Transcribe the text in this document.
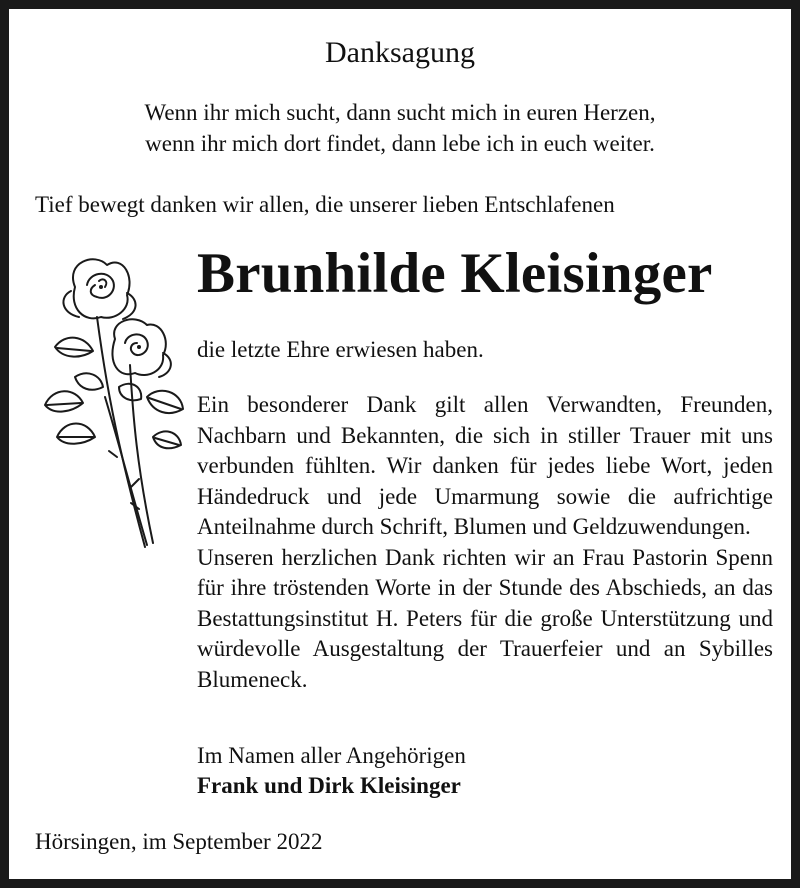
Danksagung
Wenn ihr mich sucht, dann sucht mich in euren Herzen,
wenn ihr mich dort findet, dann lebe ich in euch weiter.
Tief bewegt danken wir allen, die unserer lieben Entschlafenen
Brunhilde Kleisinger
die letzte Ehre erwiesen haben.

Ein besonderer Dank gilt allen Verwandten, Freunden, Nachbarn und Bekannten, die sich in stiller Trauer mit uns verbunden fühlten. Wir danken für jedes liebe Wort, jeden Händedruck und jede Umarmung sowie die aufrichtige Anteilnahme durch Schrift, Blumen und Geldzuwendungen.

Unseren herzlichen Dank richten wir an Frau Pastorin Spenn für ihre tröstenden Worte in der Stunde des Abschieds, an das Bestattungsinstitut H. Peters für die große Unterstützung und würdevolle Ausgestaltung der Trauerfeier und an Sybilles Blumeneck.

Im Namen aller Angehörigen
Frank und Dirk Kleisinger
Hörsingen, im September 2022
